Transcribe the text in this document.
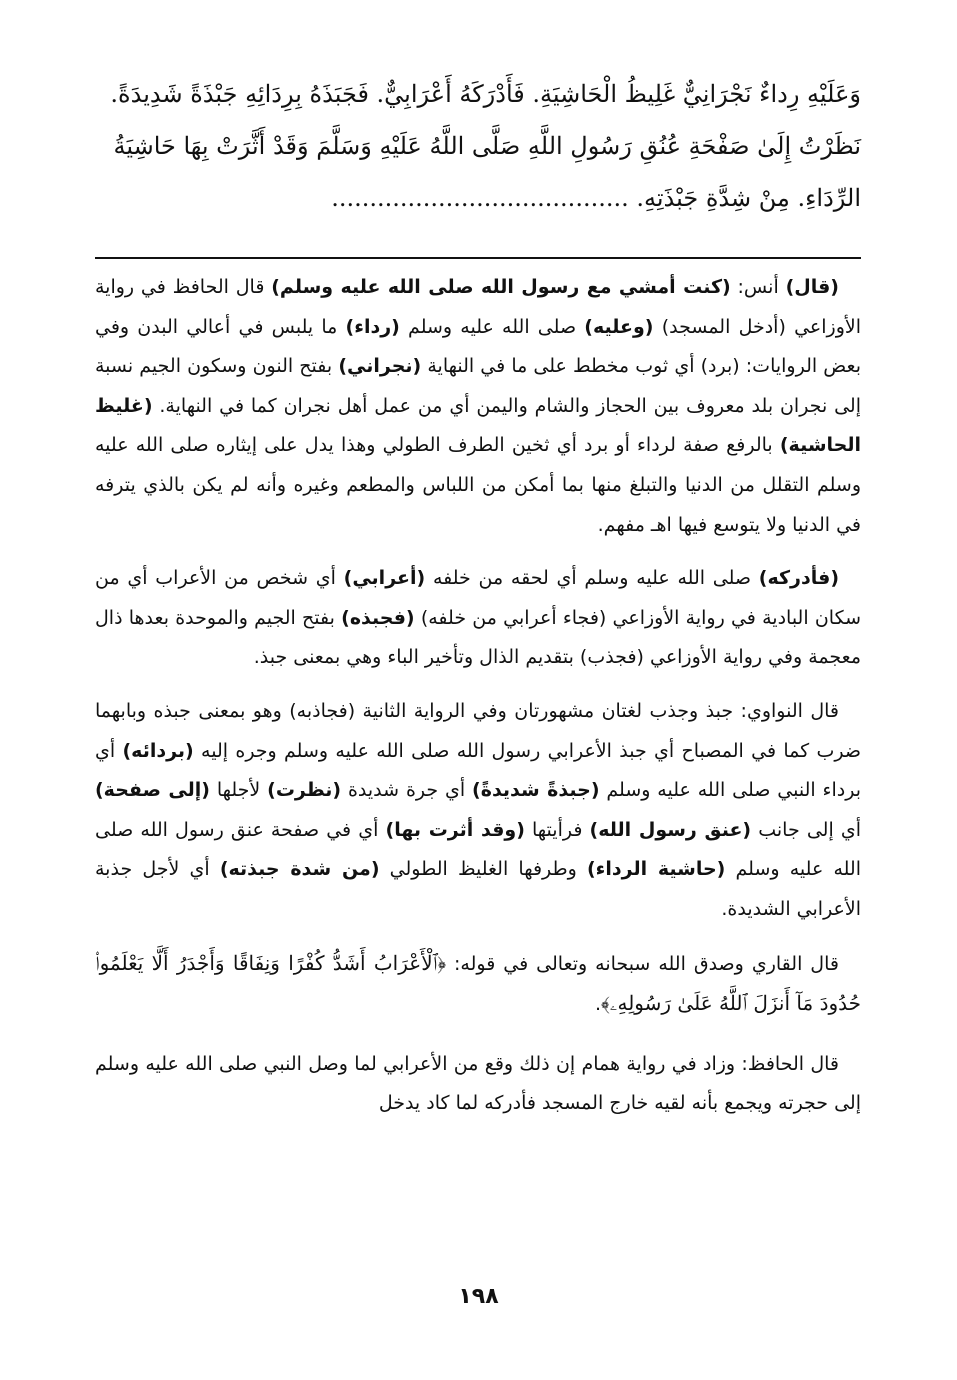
وَعَلَيْهِ رِداءٌ نَجْرَانِيٌّ غَلِيظُ الْحَاشِيَةِ. فَأَدْرَكَهُ أَعْرَابِيٌّ. فَجَبَذَهُ بِرِدَائِهِ جَبْذَةً شَدِيدَةً.

نَظَرْتُ إِلَىٰ صَفْحَةِ عُنُقِ رَسُولِ اللَّهِ صَلَّى اللَّهُ عَلَيْهِ وَسَلَّمَ وَقَدْ أَثَّرَتْ بِهَا حَاشِيَةُ

الرِّدَاءِ. مِنْ شِدَّةِ جَبْذَتِهِ. .......................................

(قال) أنس: (كنت أمشي مع رسول الله صلى الله عليه وسلم) قال الحافظ في رواية الأوزاعي (أدخل المسجد) (وعليه) صلى الله عليه وسلم (رداء) ما يلبس في أعالي البدن وفي بعض الروايات: (برد) أي ثوب مخطط على ما في النهاية (نجراني) بفتح النون وسكون الجيم نسبة إلى نجران بلد معروف بين الحجاز والشام واليمن أي من عمل أهل نجران كما في النهاية. (غليظ الحاشية) بالرفع صفة لرداء أو برد أي ثخين الطرف الطولي وهذا يدل على إيثاره صلى الله عليه وسلم التقلل من الدنيا والتبلغ منها بما أمكن من اللباس والمطعم وغيره وأنه لم يكن بالذي يترفه في الدنيا ولا يتوسع فيها اهـ مفهم.

(فأدركه) صلى الله عليه وسلم أي لحقه من خلفه (أعرابي) أي شخص من الأعراب أي من سكان البادية في رواية الأوزاعي (فجاء أعرابي من خلفه) (فجبذه) بفتح الجيم والموحدة بعدها ذال معجمة وفي رواية الأوزاعي (فجذب) بتقديم الذال وتأخير الباء وهي بمعنى جبذ.

قال النواوي: جبذ وجذب لغتان مشهورتان وفي الرواية الثانية (فجاذبه) وهو بمعنى جبذه وبابهما ضرب كما في المصباح أي جبذ الأعرابي رسول الله صلى الله عليه وسلم وجره إليه (بردائه) أي برداء النبي صلى الله عليه وسلم (جبذةً شديدةً) أي جرة شديدة (نظرت) لأجلها (إلى صفحة) أي إلى جانب (عنق رسول الله) فرأيتها (وقد أثرت بها) أي في صفحة عنق رسول الله صلى الله عليه وسلم (حاشية الرداء) وطرفها الغليظ الطولي (من شدة جبذته) أي لأجل جذبة الأعرابي الشديدة.

قال القاري وصدق الله سبحانه وتعالى في قوله: ﴿ٱلْأَعْرَابُ أَشَدُّ كُفْرًا وَنِفَاقًا وَأَجْدَرُ أَلَّا يَعْلَمُوا۟ حُدُودَ مَآ أَنزَلَ ٱللَّهُ عَلَىٰ رَسُولِهِۦ﴾.

قال الحافظ: وزاد في رواية همام إن ذلك وقع من الأعرابي لما وصل النبي صلى الله عليه وسلم إلى حجرته ويجمع بأنه لقيه خارج المسجد فأدركه لما كاد يدخل

١٩٨
